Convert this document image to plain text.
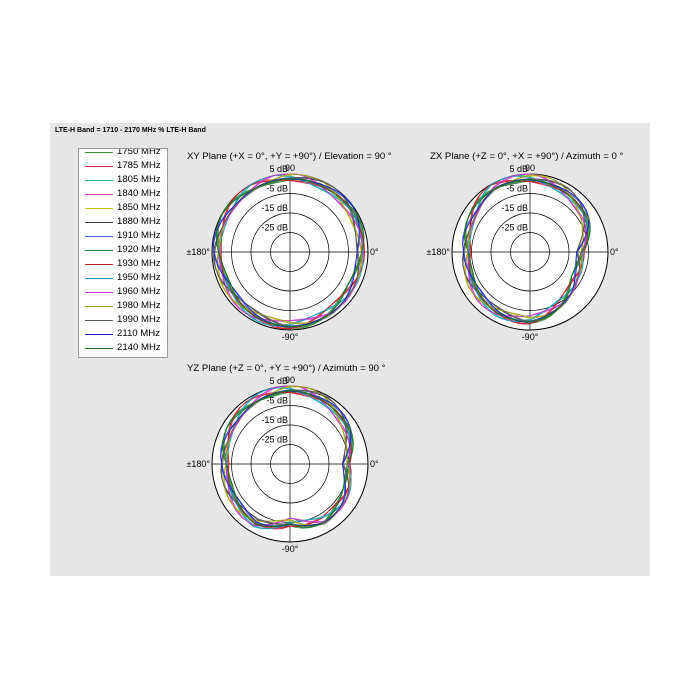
LTE-H Band = 1710 - 2170 MHz % LTE-H Band
1750 MHz
1785 MHz
1805 MHz
1840 MHz
1850 MHz
1880 MHz
1910 MHz
1920 MHz
1930 MHz
1950 MHz
1960 MHz
1980 MHz
1990 MHz
2110 MHz
2140 MHz
XY Plane (+X = 0°, +Y = +90°) / Elevation = 90 °	ZX Plane (+Z = 0°, +X = +90°) / Azimuth = 0 °
YZ Plane (+Z = 0°, +Y = +90°) / Azimuth = 90 °
5 dB
-5 dB
-15 dB
-25 dB
90
-90°
±180°	0°
5 dB
-5 dB
-15 dB
-25 dB
90
-90°
±180°	0°
5 dB
-5 dB
-15 dB
-25 dB
90
-90°
±180°	0°
